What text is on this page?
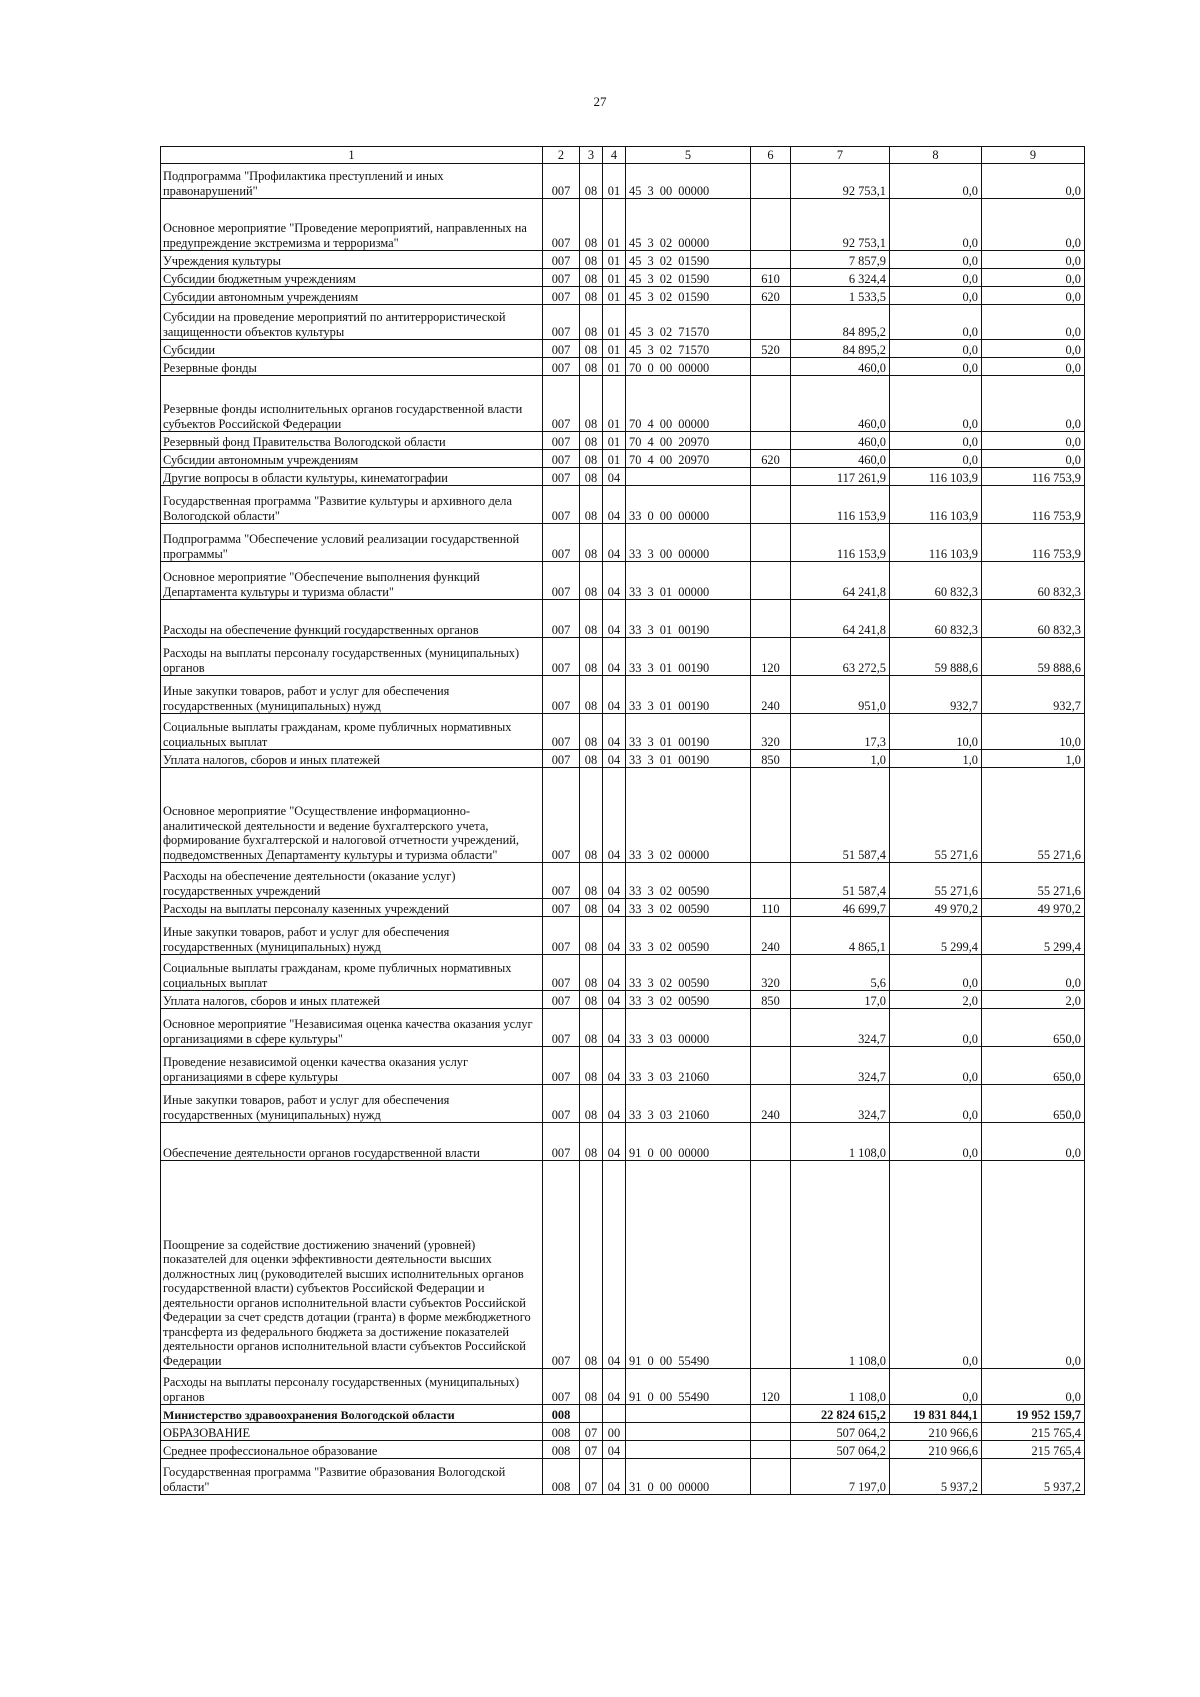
27
1	2	3	4	5	6	7	8	9
Подпрограмма "Профилактика преступлений и иных правонарушений"	007	08	01	45 3 00 00000		92 753,1	0,0	0,0
Основное мероприятие "Проведение мероприятий, направленных на предупреждение экстремизма и терроризма"	007	08	01	45 3 02 00000		92 753,1	0,0	0,0
Учреждения культуры	007	08	01	45 3 02 01590		7 857,9	0,0	0,0
Субсидии бюджетным учреждениям	007	08	01	45 3 02 01590	610	6 324,4	0,0	0,0
Субсидии автономным учреждениям	007	08	01	45 3 02 01590	620	1 533,5	0,0	0,0
Субсидии на проведение мероприятий по антитеррористической защищенности объектов культуры	007	08	01	45 3 02 71570		84 895,2	0,0	0,0
Субсидии	007	08	01	45 3 02 71570	520	84 895,2	0,0	0,0
Резервные фонды	007	08	01	70 0 00 00000		460,0	0,0	0,0
Резервные фонды исполнительных органов государственной власти субъектов Российской Федерации	007	08	01	70 4 00 00000		460,0	0,0	0,0
Резервный фонд Правительства Вологодской области	007	08	01	70 4 00 20970		460,0	0,0	0,0
Субсидии автономным учреждениям	007	08	01	70 4 00 20970	620	460,0	0,0	0,0
Другие вопросы в области культуры, кинематографии	007	08	04			117 261,9	116 103,9	116 753,9
Государственная программа "Развитие культуры и архивного дела Вологодской области"	007	08	04	33 0 00 00000		116 153,9	116 103,9	116 753,9
Подпрограмма "Обеспечение условий реализации государственной программы"	007	08	04	33 3 00 00000		116 153,9	116 103,9	116 753,9
Основное мероприятие "Обеспечение выполнения функций Департамента культуры и туризма области"	007	08	04	33 3 01 00000		64 241,8	60 832,3	60 832,3
Расходы на обеспечение функций государственных органов	007	08	04	33 3 01 00190		64 241,8	60 832,3	60 832,3
Расходы на выплаты персоналу государственных (муниципальных) органов	007	08	04	33 3 01 00190	120	63 272,5	59 888,6	59 888,6
Иные закупки товаров, работ и услуг для обеспечения государственных (муниципальных) нужд	007	08	04	33 3 01 00190	240	951,0	932,7	932,7
Социальные выплаты гражданам, кроме публичных нормативных социальных выплат	007	08	04	33 3 01 00190	320	17,3	10,0	10,0
Уплата налогов, сборов и иных платежей	007	08	04	33 3 01 00190	850	1,0	1,0	1,0
Основное мероприятие "Осуществление информационно-аналитической деятельности и ведение бухгалтерского учета, формирование бухгалтерской и налоговой отчетности учреждений, подведомственных Департаменту культуры и туризма области"	007	08	04	33 3 02 00000		51 587,4	55 271,6	55 271,6
Расходы на обеспечение деятельности (оказание услуг) государственных учреждений	007	08	04	33 3 02 00590		51 587,4	55 271,6	55 271,6
Расходы на выплаты персоналу казенных учреждений	007	08	04	33 3 02 00590	110	46 699,7	49 970,2	49 970,2
Иные закупки товаров, работ и услуг для обеспечения государственных (муниципальных) нужд	007	08	04	33 3 02 00590	240	4 865,1	5 299,4	5 299,4
Социальные выплаты гражданам, кроме публичных нормативных социальных выплат	007	08	04	33 3 02 00590	320	5,6	0,0	0,0
Уплата налогов, сборов и иных платежей	007	08	04	33 3 02 00590	850	17,0	2,0	2,0
Основное мероприятие "Независимая оценка качества оказания услуг организациями в сфере культуры"	007	08	04	33 3 03 00000		324,7	0,0	650,0
Проведение независимой оценки качества оказания услуг организациями в сфере культуры	007	08	04	33 3 03 21060		324,7	0,0	650,0
Иные закупки товаров, работ и услуг для обеспечения государственных (муниципальных) нужд	007	08	04	33 3 03 21060	240	324,7	0,0	650,0
Обеспечение деятельности органов государственной власти	007	08	04	91 0 00 00000		1 108,0	0,0	0,0
Поощрение за содействие достижению значений (уровней) показателей для оценки эффективности деятельности высших должностных лиц (руководителей высших исполнительных органов государственной власти) субъектов Российской Федерации и деятельности органов исполнительной власти субъектов Российской Федерации за счет средств дотации (гранта) в форме межбюджетного трансферта из федерального бюджета за достижение показателей деятельности органов исполнительной власти субъектов Российской Федерации	007	08	04	91 0 00 55490		1 108,0	0,0	0,0
Расходы на выплаты персоналу государственных (муниципальных) органов	007	08	04	91 0 00 55490	120	1 108,0	0,0	0,0
Министерство здравоохранения Вологодской области	008					22 824 615,2	19 831 844,1	19 952 159,7
ОБРАЗОВАНИЕ	008	07	00			507 064,2	210 966,6	215 765,4
Среднее профессиональное образование	008	07	04			507 064,2	210 966,6	215 765,4
Государственная программа "Развитие образования Вологодской области"	008	07	04	31 0 00 00000		7 197,0	5 937,2	5 937,2
